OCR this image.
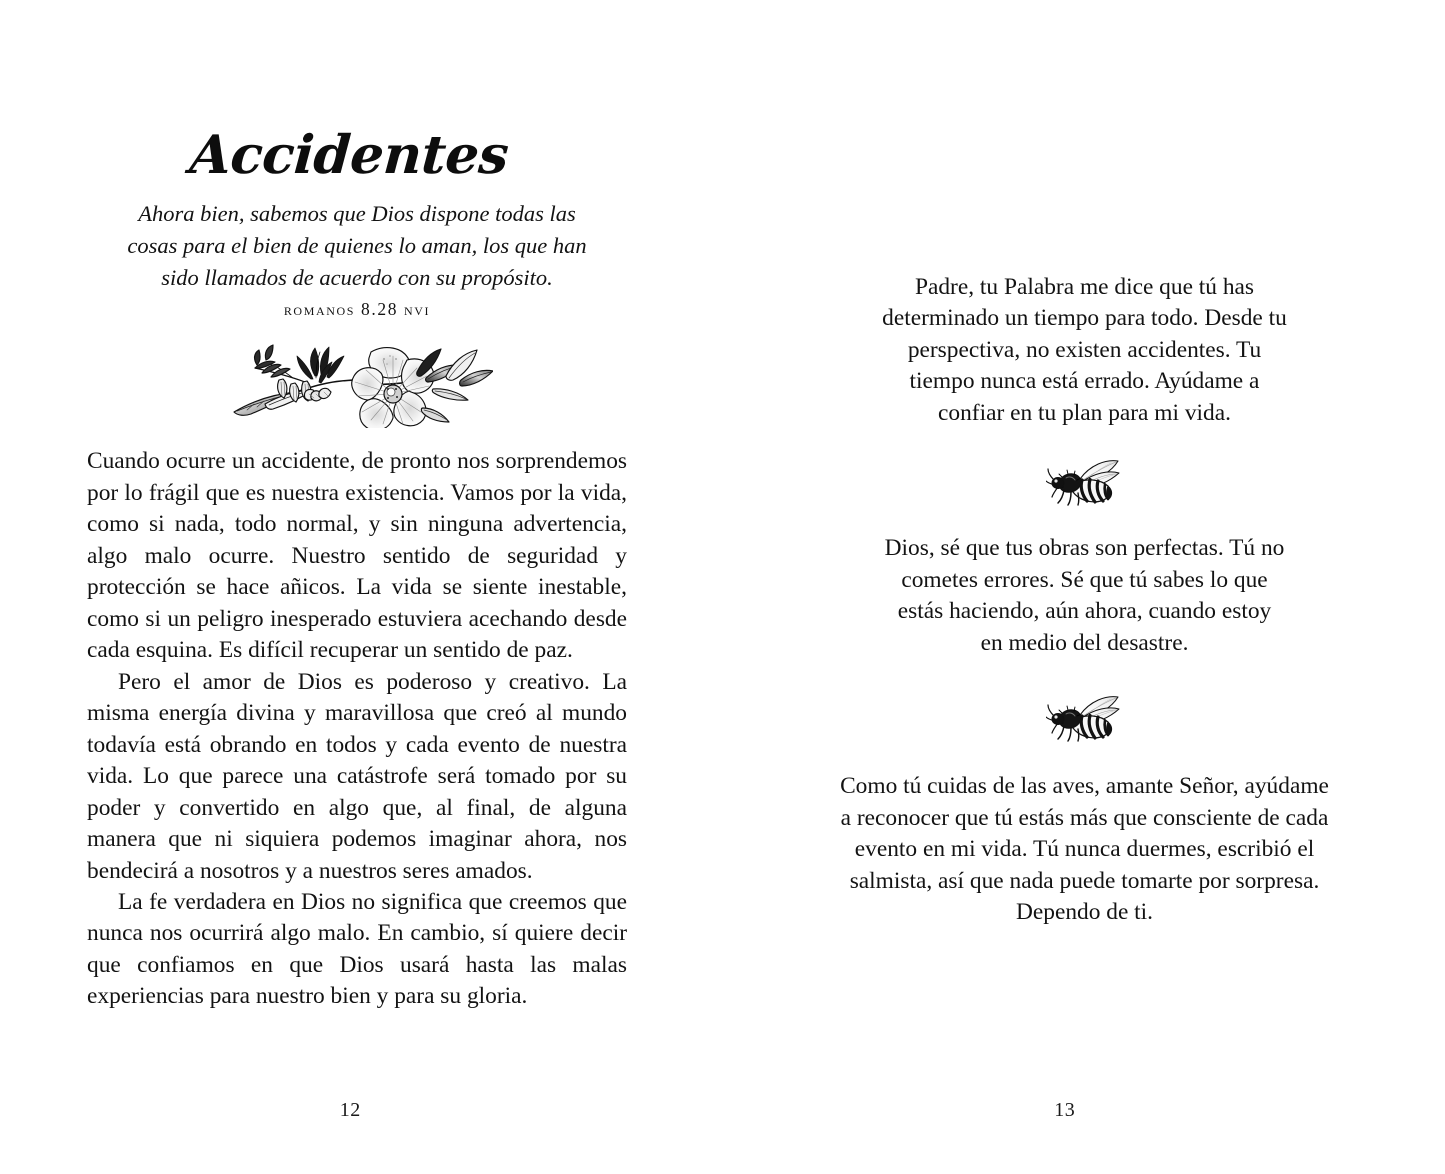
Accidentes
Ahora bien, sabemos que Dios dispone todas las cosas para el bien de quienes lo aman, los que han sido llamados de acuerdo con su propósito.
romanos 8.28 nvi

Cuando ocurre un accidente, de pronto nos sorprendemos por lo frágil que es nuestra existencia. Vamos por la vida, como si nada, todo normal, y sin ninguna advertencia, algo malo ocurre. Nuestro sentido de seguridad y protección se hace añicos. La vida se siente inestable, como si un peligro inesperado estuviera acechando desde cada esquina. Es difícil recuperar un sentido de paz.

Pero el amor de Dios es poderoso y creativo. La misma energía divina y maravillosa que creó al mundo todavía está obrando en todos y cada evento de nuestra vida. Lo que parece una catástrofe será tomado por su poder y convertido en algo que, al final, de alguna manera que ni siquiera podemos imaginar ahora, nos bendecirá a nosotros y a nuestros seres amados.

La fe verdadera en Dios no significa que creemos que nunca nos ocurrirá algo malo. En cambio, sí quiere decir que confiamos en que Dios usará hasta las malas experiencias para nuestro bien y para su gloria.

12
Padre, tu Palabra me dice que tú has determinado un tiempo para todo. Desde tu perspectiva, no existen accidentes. Tu tiempo nunca está errado. Ayúdame a confiar en tu plan para mi vida.
Dios, sé que tus obras son perfectas. Tú no cometes errores. Sé que tú sabes lo que estás haciendo, aún ahora, cuando estoy en medio del desastre.
Como tú cuidas de las aves, amante Señor, ayúdame a reconocer que tú estás más que consciente de cada evento en mi vida. Tú nunca duermes, escribió el salmista, así que nada puede tomarte por sorpresa. Dependo de ti.
13
